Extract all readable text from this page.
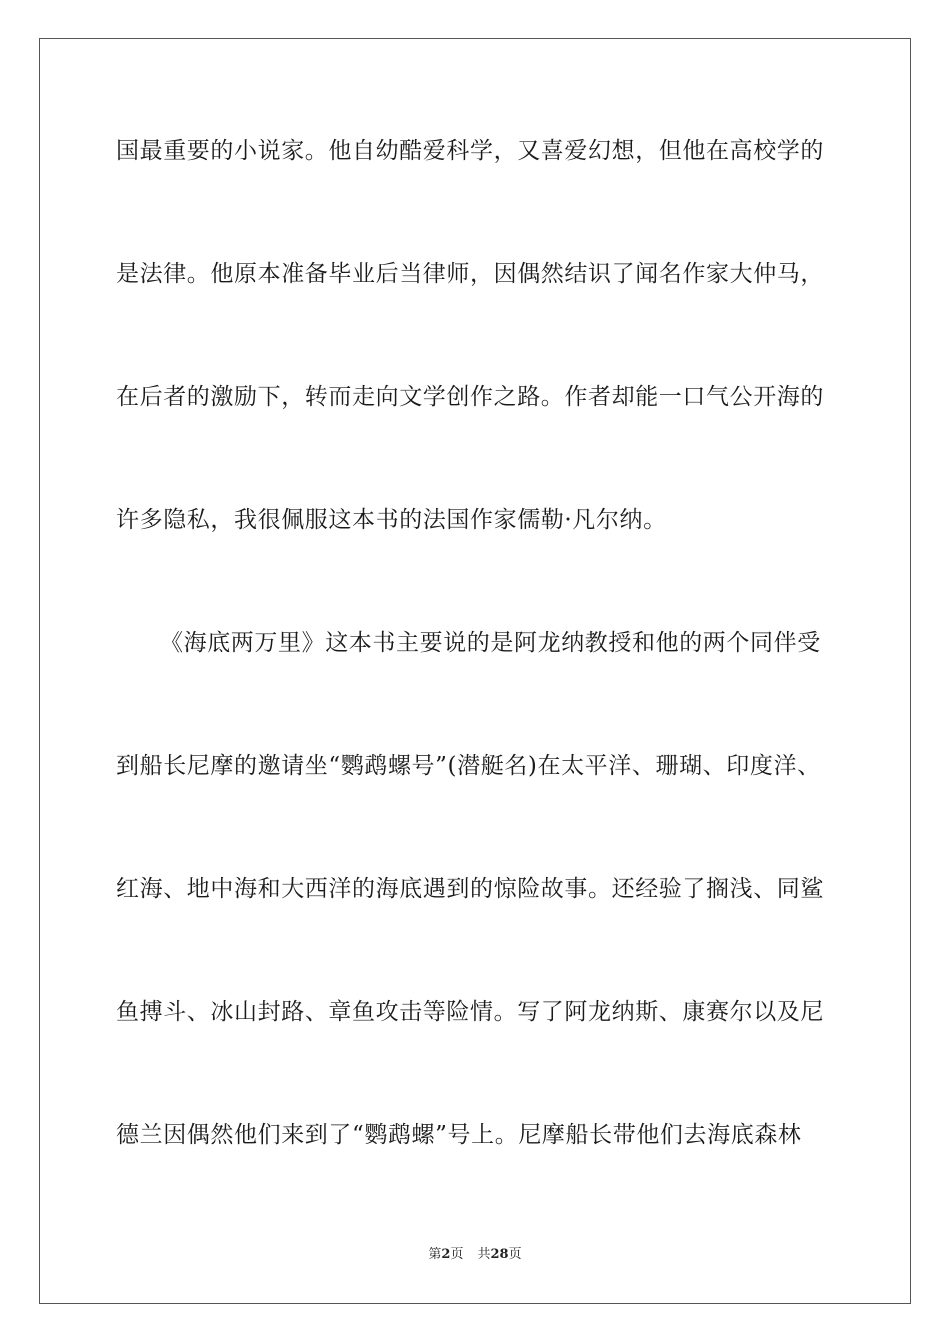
国最重要的小说家。他自幼酷爱科学，又喜爱幻想，但他在高校学的
是法律。他原本准备毕业后当律师，因偶然结识了闻名作家大仲马，
在后者的激励下，转而走向文学创作之路。作者却能一口气公开海的
许多隐私，我很佩服这本书的法国作家儒勒·凡尔纳。
《海底两万里》这本书主要说的是阿龙纳教授和他的两个同伴受
到船长尼摩的邀请坐“鹦鹉螺号”(潜艇名)在太平洋、珊瑚、印度洋、
红海、地中海和大西洋的海底遇到的惊险故事。还经验了搁浅、同鲨
鱼搏斗、冰山封路、章鱼攻击等险情。写了阿龙纳斯、康赛尔以及尼
德兰因偶然他们来到了“鹦鹉螺”号上。尼摩船长带他们去海底森林
第2页 共28页
